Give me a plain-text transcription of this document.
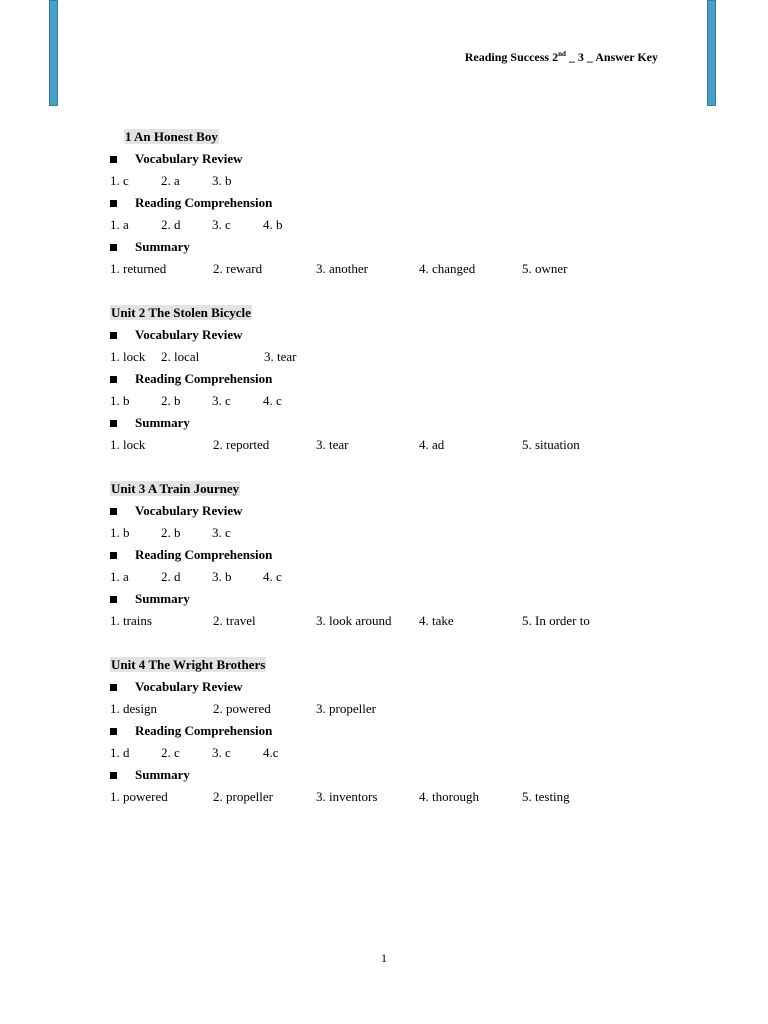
Reading Success 2nd _ 3 _ Answer Key
1 An Honest Boy
Vocabulary Review
1. c	2. a	3. b
Reading Comprehension
1. a	2. d	3. c	4. b
Summary
1. returned	2. reward	3. another	4. changed	5. owner
Unit 2 The Stolen Bicycle
Vocabulary Review
1. lock	2. local	3. tear
Reading Comprehension
1. b	2. b	3. c	4. c
Summary
1. lock	2. reported	3. tear	4. ad	5. situation
Unit 3 A Train Journey
Vocabulary Review
1. b	2. b	3. c
Reading Comprehension
1. a	2. d	3. b	4. c
Summary
1. trains	2. travel	3. look around	4. take	5. In order to
Unit 4 The Wright Brothers
Vocabulary Review
1. design	2. powered	3. propeller
Reading Comprehension
1. d	2. c	3. c	4.c
Summary
1. powered	2. propeller	3. inventors	4. thorough	5. testing
1
